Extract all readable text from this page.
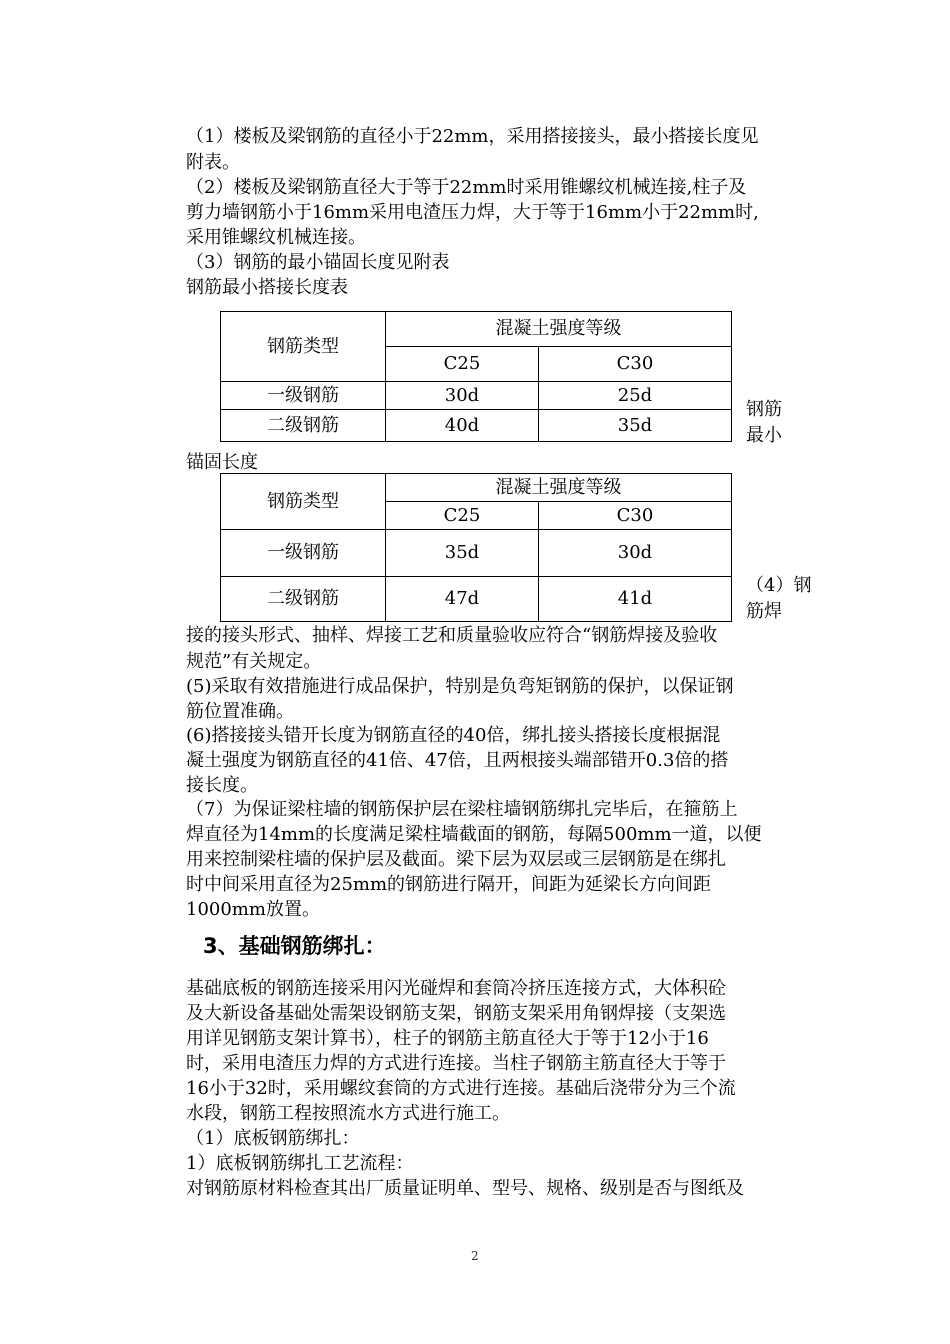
（1）楼板及梁钢筋的直径小于22mm，采用搭接接头，最小搭接长度见
附表。
（2）楼板及梁钢筋直径大于等于22mm时采用锥螺纹机械连接,柱子及
剪力墙钢筋小于16mm采用电渣压力焊，大于等于16mm小于22mm时,
采用锥螺纹机械连接。
（3）钢筋的最小锚固长度见附表
钢筋最小搭接长度表
钢筋类型	混凝土强度等级	
	C25	C30
一级钢筋	30d	25d
二级钢筋	40d	35d
钢筋
最小
锚固长度
钢筋类型	混凝土强度等级	
	C25	C30
一级钢筋	35d	30d
二级钢筋	47d	41d
（4）钢
筋焊
接的接头形式、抽样、焊接工艺和质量验收应符合“钢筋焊接及验收
规范”有关规定。
(5)采取有效措施进行成品保护，特别是负弯矩钢筋的保护，以保证钢
筋位置准确。
(6)搭接接头错开长度为钢筋直径的40倍，绑扎接头搭接长度根据混
凝土强度为钢筋直径的41倍、47倍，且两根接头端部错开0.3倍的搭
接长度。
（7）为保证梁柱墙的钢筋保护层在梁柱墙钢筋绑扎完毕后，在箍筋上
焊直径为14mm的长度满足梁柱墙截面的钢筋，每隔500mm一道，以便
用来控制梁柱墙的保护层及截面。梁下层为双层或三层钢筋是在绑扎
时中间采用直径为25mm的钢筋进行隔开，间距为延梁长方向间距
1000mm放置。
3、基础钢筋绑扎：
基础底板的钢筋连接采用闪光碰焊和套筒冷挤压连接方式，大体积砼
及大新设备基础处需架设钢筋支架，钢筋支架采用角钢焊接（支架选
用详见钢筋支架计算书），柱子的钢筋主筋直径大于等于12小于16
时，采用电渣压力焊的方式进行连接。当柱子钢筋主筋直径大于等于
16小于32时，采用螺纹套筒的方式进行连接。基础后浇带分为三个流
水段，钢筋工程按照流水方式进行施工。
（1）底板钢筋绑扎：
1）底板钢筋绑扎工艺流程：
对钢筋原材料检查其出厂质量证明单、型号、规格、级别是否与图纸及
2
